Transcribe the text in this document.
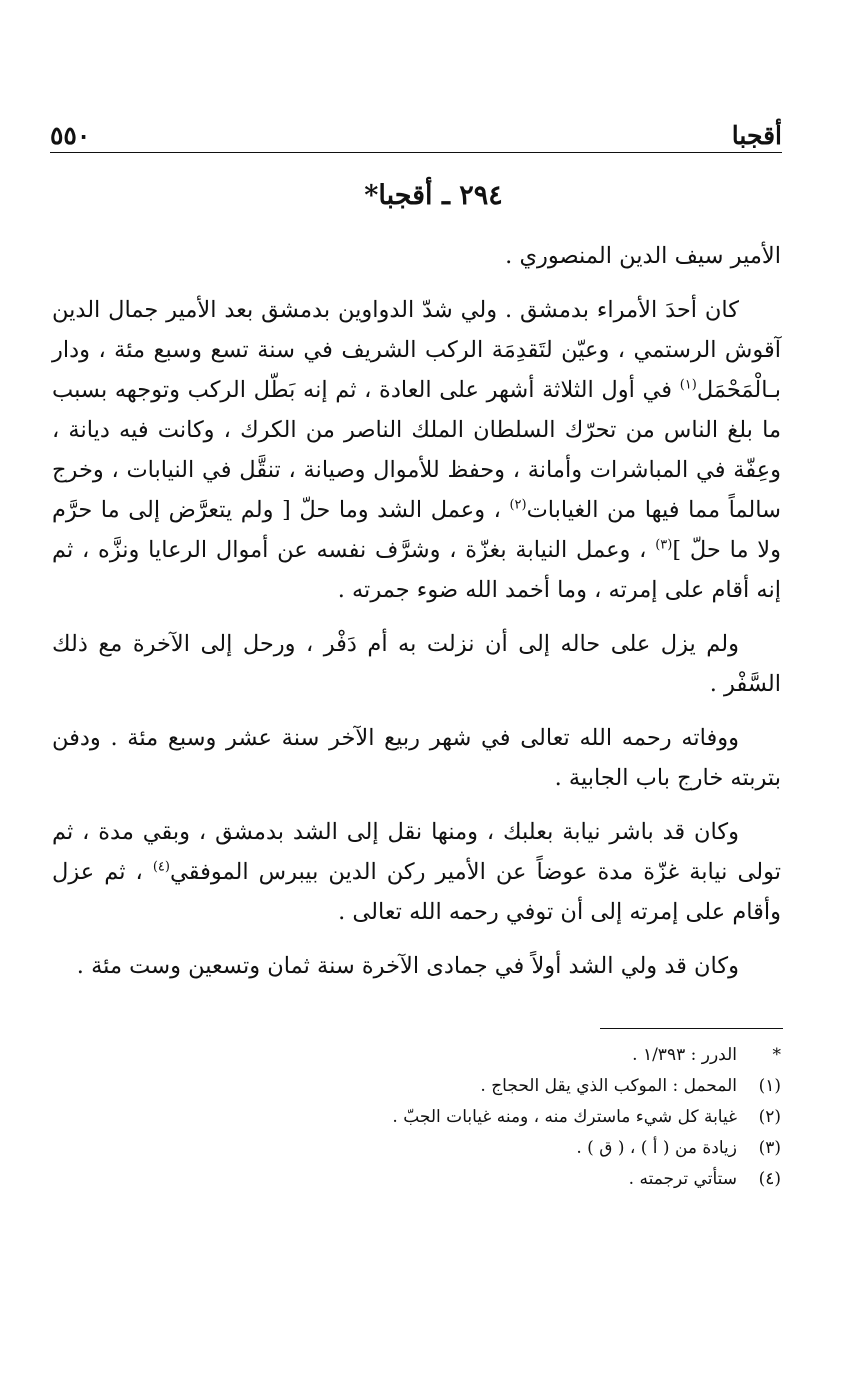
٥٥٠	أقجبا
٢٩٤ ـ أقجبا*

الأمير سيف الدين المنصوري .

كان أحدَ الأمراء بدمشق . ولي شدّ الدواوين بدمشق بعد الأمير جمال الدين آقوش الرستمي ، وعيّن لتَقدِمَة الركب الشريف في سنة تسع وسبع مئة ، ودار بـالْمَحْمَل$^{(١)}$ في أول الثلاثة أشهر على العادة ، ثم إنه بَطّل الركب وتوجهه بسبب ما بلغ الناس من تحرّك السلطان الملك الناصر من الكرك ، وكانت فيه ديانة ، وعِفّة في المباشرات وأمانة ، وحفظ للأموال وصيانة ، تنقَّل في النيابات ، وخرج سالماً مما فيها من الغيابات$^{(٢)}$ ، وعمل الشد وما حلّ [ ولم يتعرَّض إلى ما حرَّم ولا ما حلّ ]$^{(٣)}$ ، وعمل النيابة بغزّة ، وشرَّف نفسه عن أموال الرعايا ونزَّه ، ثم إنه أقام على إمرته ، وما أخمد الله ضوء جمرته .

ولم يزل على حاله إلى أن نزلت به أم دَفْر ، ورحل إلى الآخرة مع ذلك السَّفْر .

ووفاته رحمه الله تعالى في شهر ربيع الآخر سنة عشر وسبع مئة . ودفن بتربته خارج باب الجابية .

وكان قد باشر نيابة بعلبك ، ومنها نقل إلى الشد بدمشق ، وبقي مدة ، ثم تولى نيابة غزّة مدة عوضاً عن الأمير ركن الدين بيبرس الموفقي$^{(٤)}$ ، ثم عزل وأقام على إمرته إلى أن توفي رحمه الله تعالى .

وكان قد ولي الشد أولاً في جمادى الآخرة سنة ثمان وتسعين وست مئة .

*
الدرر : ١/٣٩٣ .
(١)
المحمل : الموكب الذي يقل الحجاج .
(٢)
غيابة كل شيء ماسترك منه ، ومنه غيابات الجبّ .
(٣)
زيادة من ( أ ) ، ( ق ) .
(٤)
ستأتي ترجمته .
